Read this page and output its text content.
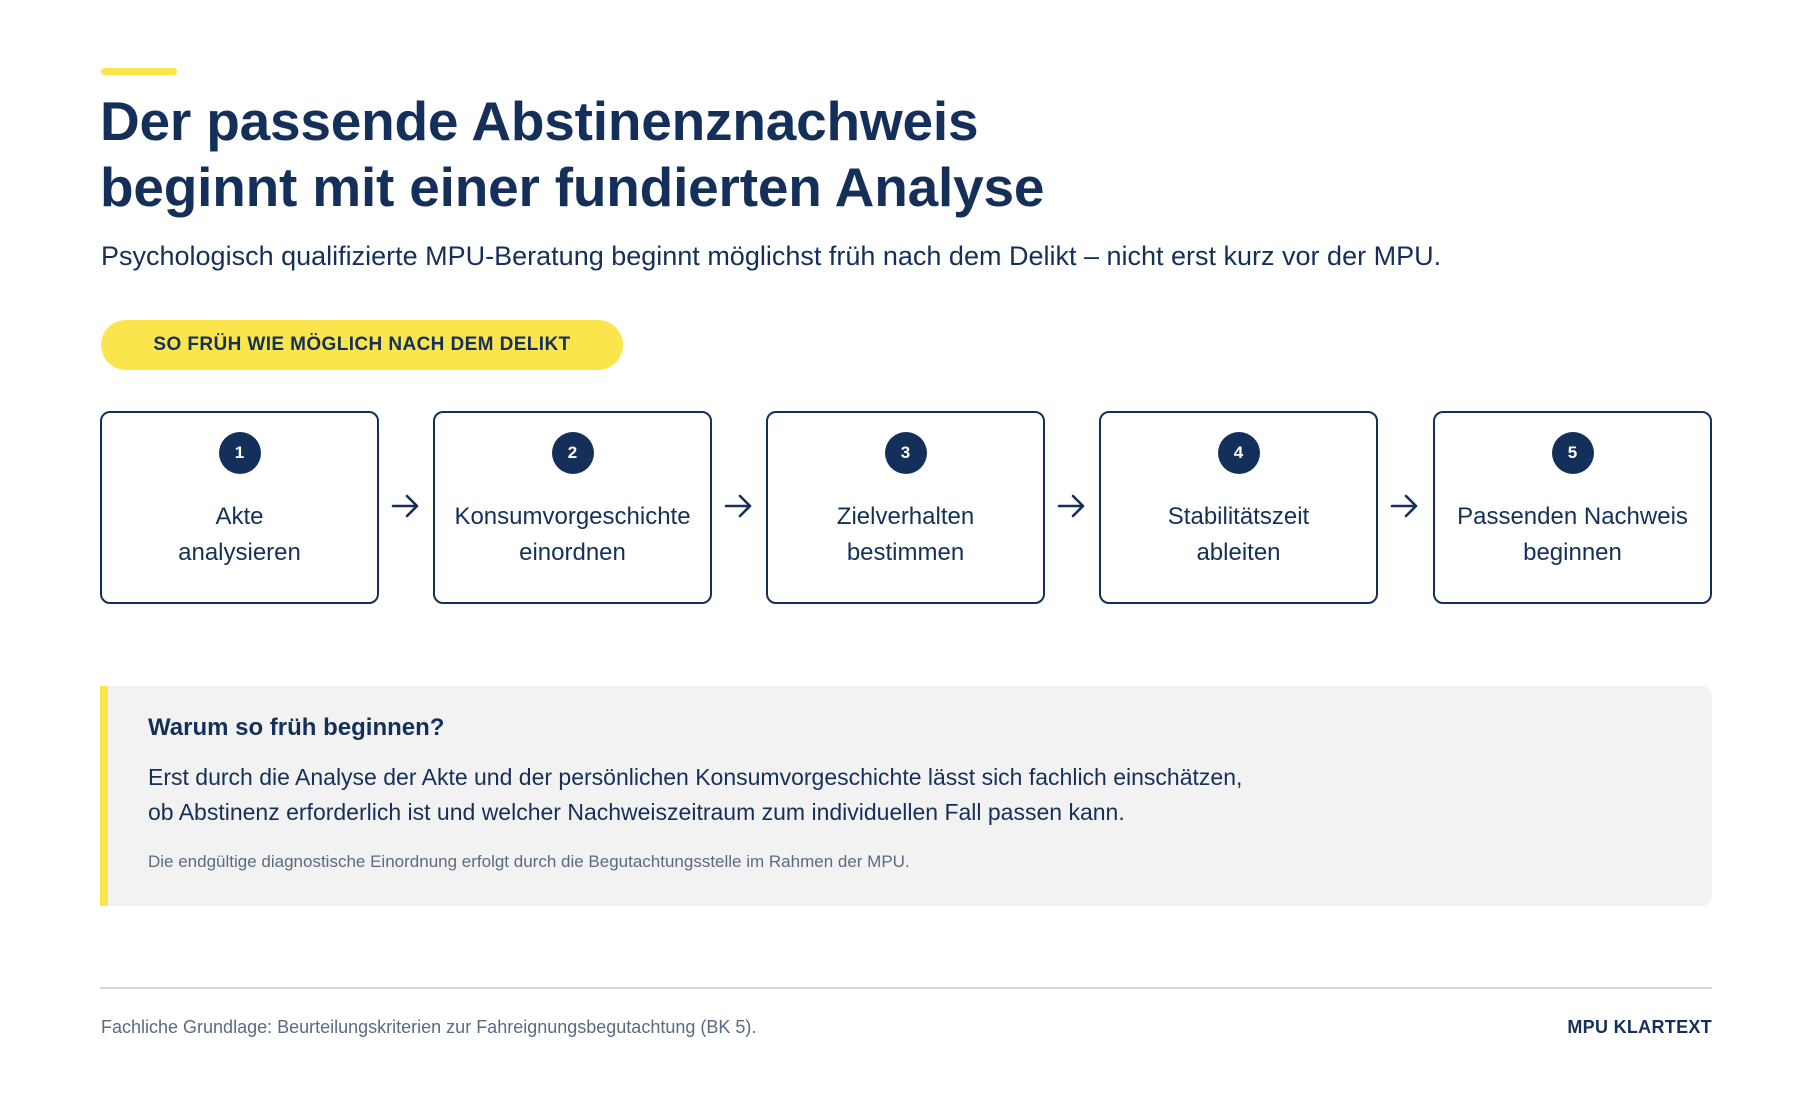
Der passende Abstinenznachweis
beginnt mit einer fundierten Analyse

Psychologisch qualifizierte MPU-Beratung beginnt möglichst früh nach dem Delikt – nicht erst kurz vor der MPU.

SO FRÜH WIE MÖGLICH NACH DEM DELIKT
1
Akte
analysieren
2
Konsumvorgeschichte
einordnen
3
Zielverhalten
bestimmen
4
Stabilitätszeit
ableiten
5
Passenden Nachweis
beginnen
Warum so früh beginnen?

Erst durch die Analyse der Akte und der persönlichen Konsumvorgeschichte lässt sich fachlich einschätzen,
ob Abstinenz erforderlich ist und welcher Nachweiszeitraum zum individuellen Fall passen kann.

Die endgültige diagnostische Einordnung erfolgt durch die Begutachtungsstelle im Rahmen der MPU.

Fachliche Grundlage: Beurteilungskriterien zur Fahreignungsbegutachtung (BK 5).	MPU KLARTEXT
